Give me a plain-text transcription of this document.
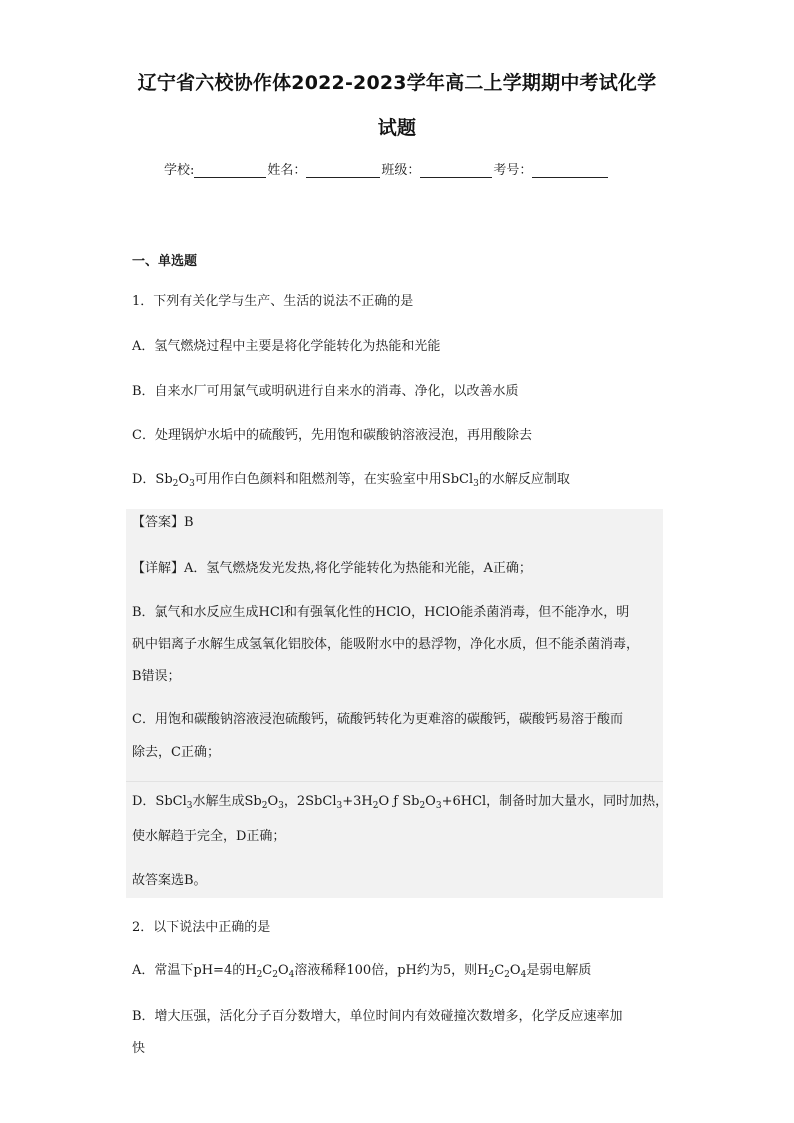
辽宁省六校协作体2022-2023学年高二上学期期中考试化学
试题
学校:	姓名：	班级：	考号：
一、单选题
1．下列有关化学与生产、生活的说法不正确的是
A．氢气燃烧过程中主要是将化学能转化为热能和光能
B．自来水厂可用氯气或明矾进行自来水的消毒、净化，以改善水质
C．处理锅炉水垢中的硫酸钙，先用饱和碳酸钠溶液浸泡，再用酸除去
D．$Sb_2O_3$可用作白色颜料和阻燃剂等，在实验室中用SbCl$_3$的水解反应制取
【答案】B
【详解】A．氢气燃烧发光发热,将化学能转化为热能和光能，A正确；
B．氯气和水反应生成HCl和有强氧化性的HClO，HClO能杀菌消毒，但不能净水，明
矾中铝离子水解生成氢氧化铝胶体，能吸附水中的悬浮物，净化水质，但不能杀菌消毒，
B错误；
C．用饱和碳酸钠溶液浸泡硫酸钙，硫酸钙转化为更难溶的碳酸钙，碳酸钙易溶于酸而
除去，C正确；
D．SbCl$_3$水解生成$Sb_2O_3$，$2SbCl_3+3H_2O$ ƒ $Sb_2O_3+6HCl$，制备时加大量水，同时加热，
使水解趋于完全，D正确；
故答案选B。
2．以下说法中正确的是
A．常温下pH=4的$H_2C_2O_4$溶液稀释100倍，pH约为5，则$H_2C_2O_4$是弱电解质
B．增大压强，活化分子百分数增大，单位时间内有效碰撞次数增多，化学反应速率加
快
